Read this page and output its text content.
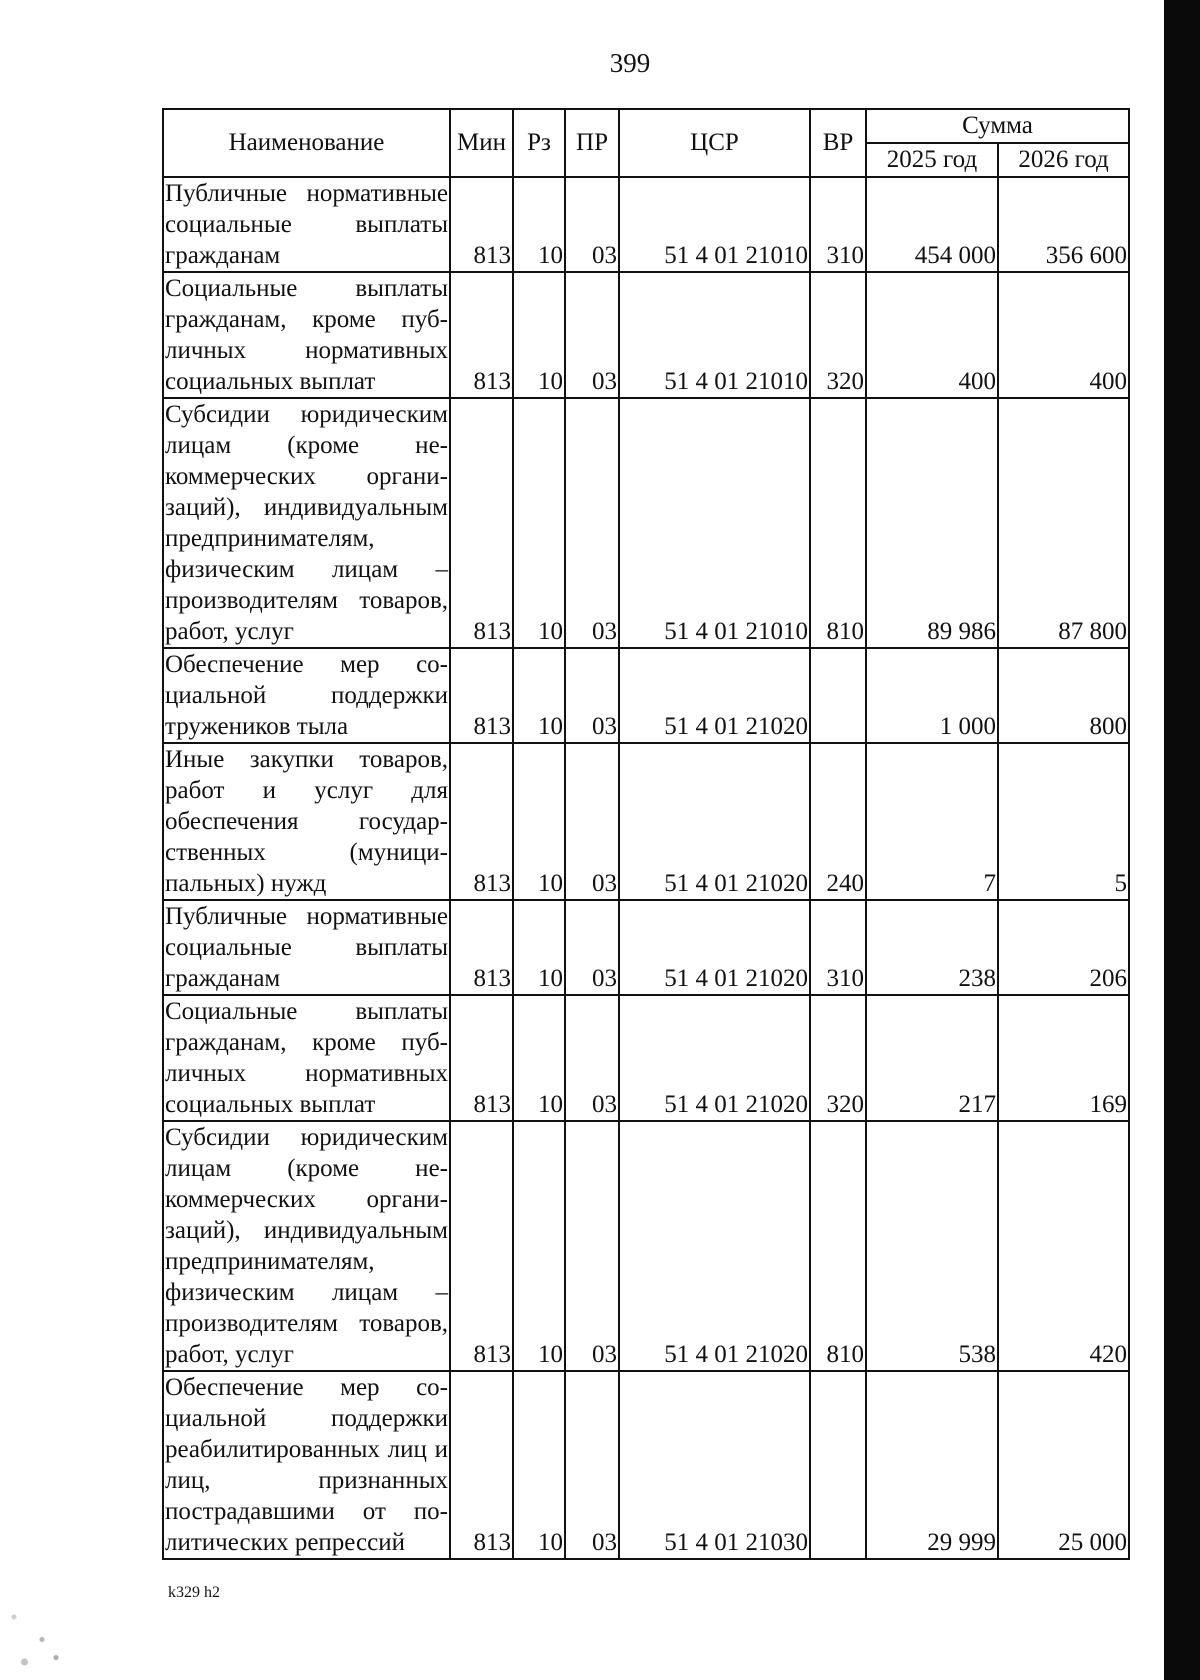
399
Наименование	Мин	Рз	ПР	ЦСР	ВР	Сумма	
						2025 год	2026 год
Публичные нормативные социальные выплаты гражданам	813	10	03	51 4 01 21010	310	454 000	356 600
Социальные выплаты гражданам, кроме публичных нормативных социальных выплат	813	10	03	51 4 01 21010	320	400	400
Субсидии юридическим лицам (кроме некоммерческих организаций), индивидуальным предпринимателям, физическим лицам – производителям товаров, работ, услуг	813	10	03	51 4 01 21010	810	89 986	87 800
Обеспечение мер социальной поддержки тружеников тыла	813	10	03	51 4 01 21020		1 000	800
Иные закупки товаров, работ и услуг для обеспечения государственных (муниципальных) нужд	813	10	03	51 4 01 21020	240	7	5
Публичные нормативные социальные выплаты гражданам	813	10	03	51 4 01 21020	310	238	206
Социальные выплаты гражданам, кроме публичных нормативных социальных выплат	813	10	03	51 4 01 21020	320	217	169
Субсидии юридическим лицам (кроме некоммерческих организаций), индивидуальным предпринимателям, физическим лицам – производителям товаров, работ, услуг	813	10	03	51 4 01 21020	810	538	420
Обеспечение мер социальной поддержки реабилитированных лиц и лиц, признанных пострадавшими от политических репрессий	813	10	03	51 4 01 21030		29 999	25 000
k329 h2
